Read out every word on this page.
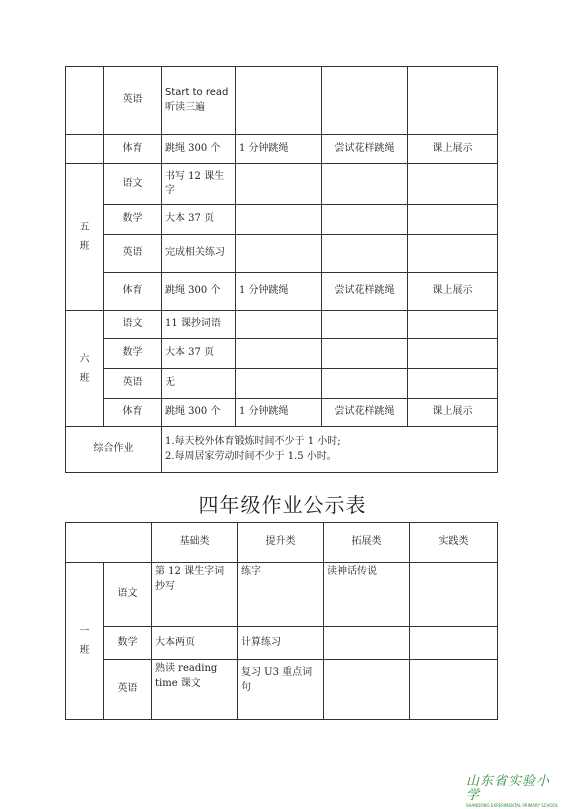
	英语	Start to read 听读三遍			
	体育	跳绳 300 个	1 分钟跳绳	尝试花样跳绳	课上展示
五
班	语文	书写 12 课生字			
	数学	大本 37 页			
	英语	完成相关练习			
	体育	跳绳 300 个	1 分钟跳绳	尝试花样跳绳	课上展示
六
班	语文	11 课抄词语			
	数学	大本 37 页			
	英语	无			
	体育	跳绳 300 个	1 分钟跳绳	尝试花样跳绳	课上展示
综合作业		1.每天校外体育锻炼时间不少于 1 小时;
2.每周居家劳动时间不少于 1.5 小时。			
四年级作业公示表
		基础类	提升类	拓展类	实践类
一
班	语文	第 12 课生字词抄写	练字	读神话传说	
	数学	大本两页	计算练习		
	英语	熟读 reading time 课文	复习 U3 重点词句		
山东省实验小学
SHANDONG EXPERIMENTAL PRIMARY SCHOOL
